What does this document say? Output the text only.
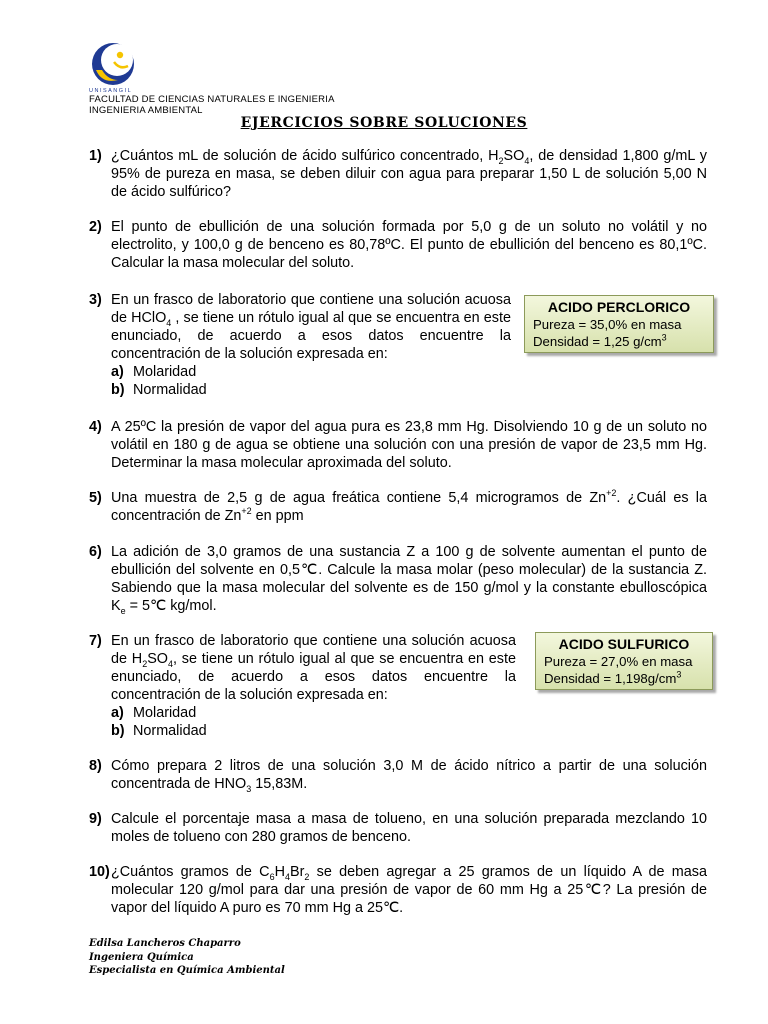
UNISANGIL
FACULTAD DE CIENCIAS NATURALES E INGENIERIA
INGENIERIA AMBIENTAL
EJERCICIOS SOBRE SOLUCIONES
1) ¿Cuántos mL de solución de ácido sulfúrico concentrado, $H_2SO_4$, de densidad 1,800 g/mL y 95% de pureza en masa, se deben diluir con agua para preparar 1,50 L de solución 5,00 N de ácido sulfúrico?
2) El punto de ebullición de una solución formada por 5,0 g de un soluto no volátil y no electrolito, y 100,0 g de benceno es 80,78ºC. El punto de ebullición del benceno es 80,1ºC. Calcular la masa molecular del soluto.
3) En un frasco de laboratorio que contiene una solución acuosa de HClO$_4$ , se tiene un rótulo igual al que se encuentra en este enunciado, de acuerdo a esos datos encuentre la concentración de la solución expresada en:
a) Molaridad
b) Normalidad
ACIDO PERCLORICO
Pureza = 35,0% en masa
Densidad = 1,25 $g/cm^3$
4) A 25ºC la presión de vapor del agua pura es 23,8 mm Hg. Disolviendo 10 g de un soluto no volátil en 180 g de agua se obtiene una solución con una presión de vapor de 23,5 mm Hg. Determinar la masa molecular aproximada del soluto.
5) Una muestra de 2,5 g de agua freática contiene 5,4 microgramos de $Zn^{+2}$. ¿Cuál es la concentración de $Zn^{+2}$ en ppm
6) La adición de 3,0 gramos de una sustancia Z a 100 g de solvente aumentan el punto de ebullición del solvente en 0,5℃. Calcule la masa molar (peso molecular) de la sustancia Z. Sabiendo que la masa molecular del solvente es de 150 g/mol y la constante ebulloscópica $K_e$ = 5℃ kg/mol.
7) En un frasco de laboratorio que contiene una solución acuosa de $H_2SO_4$, se tiene un rótulo igual al que se encuentra en este enunciado, de acuerdo a esos datos encuentre la concentración de la solución expresada en:
a) Molaridad
b) Normalidad
ACIDO SULFURICO
Pureza = 27,0% en masa
Densidad = $1,198g/cm^3$
8) Cómo prepara 2 litros de una solución 3,0 M de ácido nítrico a partir de una solución concentrada de $HNO_3$ 15,83M.
9) Calcule el porcentaje masa a masa de tolueno, en una solución preparada mezclando 10 moles de tolueno con 280 gramos de benceno.
10) ¿Cuántos gramos de $C_6H_4Br_2$ se deben agregar a 25 gramos de un líquido A de masa molecular 120 g/mol para dar una presión de vapor de 60 mm Hg a 25℃? La presión de vapor del líquido A puro es 70 mm Hg a 25℃.
Edilsa Lancheros Chaparro
Ingeniera Química
Especialista en Química Ambiental
